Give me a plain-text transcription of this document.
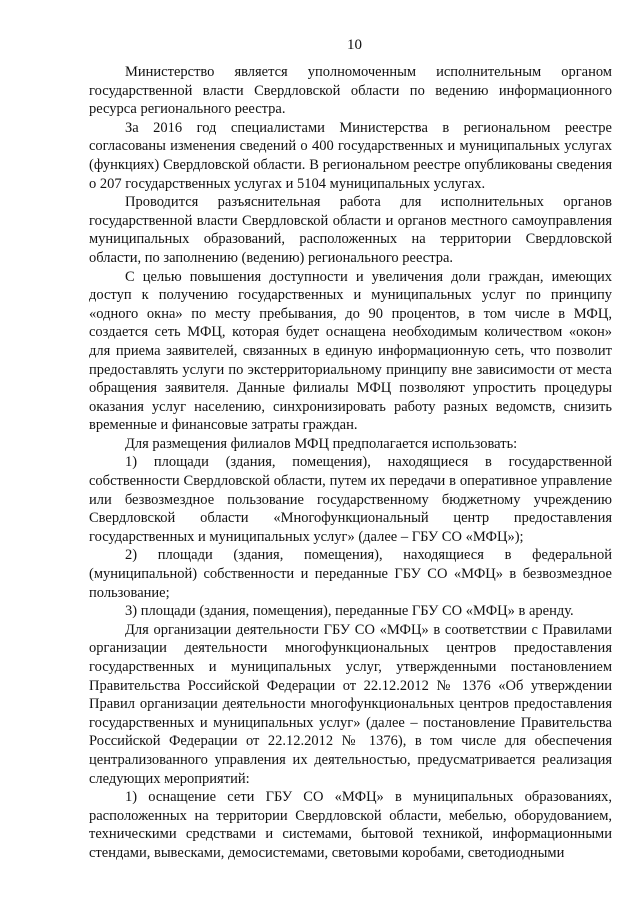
10

Министерство является уполномоченным исполнительным органом государственной власти Свердловской области по ведению информационного ресурса регионального реестра.

За 2016 год специалистами Министерства в региональном реестре согласованы изменения сведений о 400 государственных и муниципальных услугах (функциях) Свердловской области. В региональном реестре опубликованы сведения о 207 государственных услугах и 5104 муниципальных услугах.

Проводится разъяснительная работа для исполнительных органов государственной власти Свердловской области и органов местного самоуправления муниципальных образований, расположенных на территории Свердловской области, по заполнению (ведению) регионального реестра.

С целью повышения доступности и увеличения доли граждан, имеющих доступ к получению государственных и муниципальных услуг по принципу «одного окна» по месту пребывания, до 90 процентов, в том числе в МФЦ, создается сеть МФЦ, которая будет оснащена необходимым количеством «окон» для приема заявителей, связанных в единую информационную сеть, что позволит предоставлять услуги по экстерриториальному принципу вне зависимости от места обращения заявителя. Данные филиалы МФЦ позволяют упростить процедуры оказания услуг населению, синхронизировать работу разных ведомств, снизить временные и финансовые затраты граждан.

Для размещения филиалов МФЦ предполагается использовать:

1) площади (здания, помещения), находящиеся в государственной собственности Свердловской области, путем их передачи в оперативное управление или безвозмездное пользование государственному бюджетному учреждению Свердловской области «Многофункциональный центр предоставления государственных и муниципальных услуг» (далее – ГБУ СО «МФЦ»);

2) площади (здания, помещения), находящиеся в федеральной (муниципальной) собственности и переданные ГБУ СО «МФЦ» в безвозмездное пользование;

3) площади (здания, помещения), переданные ГБУ СО «МФЦ» в аренду.

Для организации деятельности ГБУ СО «МФЦ» в соответствии с Правилами организации деятельности многофункциональных центров предоставления государственных и муниципальных услуг, утвержденными постановлением Правительства Российской Федерации от 22.12.2012 № 1376 «Об утверждении Правил организации деятельности многофункциональных центров предоставления государственных и муниципальных услуг» (далее – постановление Правительства Российской Федерации от 22.12.2012 № 1376), в том числе для обеспечения централизованного управления их деятельностью, предусматривается реализация следующих мероприятий:

1) оснащение сети ГБУ СО «МФЦ» в муниципальных образованиях, расположенных на территории Свердловской области, мебелью, оборудованием, техническими средствами и системами, бытовой техникой, информационными стендами, вывесками, демосистемами, световыми коробами, светодиодными
